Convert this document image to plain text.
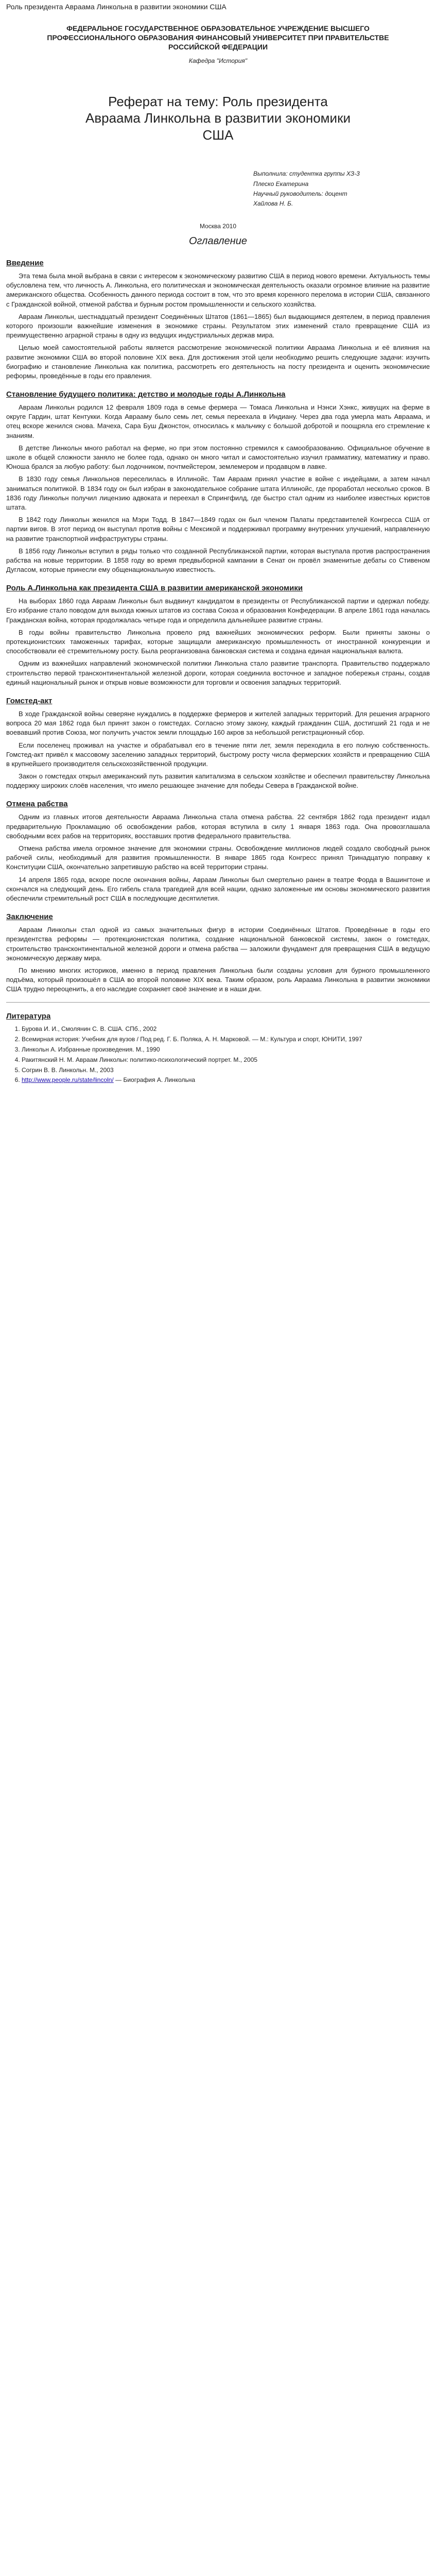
Роль президента Авраама Линкольна в развитии экономики США
ФЕДЕРАЛЬНОЕ ГОСУДАРСТВЕННОЕ ОБРАЗОВАТЕЛЬНОЕ УЧРЕЖДЕНИЕ ВЫСШЕГО ПРОФЕССИОНАЛЬНОГО ОБРАЗОВАНИЯ ФИНАНСОВЫЙ УНИВЕРСИТЕТ ПРИ ПРАВИТЕЛЬСТВЕ РОССИЙСКОЙ ФЕДЕРАЦИИ
Кафедра "История"
Реферат на тему: Роль президента Авраама Линкольна в развитии экономики США
Выполнила: студентка группы ХЗ-3
Плеско Екатерина
Научный руководитель: доцент
Хайлова Н. Б.
Москва 2010
Оглавление
Введение

Эта тема была мной выбрана в связи с интересом к экономическому развитию США в период нового времени. Актуальность темы обусловлена тем, что личность А. Линкольна, его политическая и экономическая деятельность оказали огромное влияние на развитие американского общества. Особенность данного периода состоит в том, что это время коренного перелома в истории США, связанного с Гражданской войной, отменой рабства и бурным ростом промышленности и сельского хозяйства.

Авраам Линкольн, шестнадцатый президент Соединённых Штатов (1861—1865) был выдающимся деятелем, в период правления которого произошли важнейшие изменения в экономике страны. Результатом этих изменений стало превращение США из преимущественно аграрной страны в одну из ведущих индустриальных держав мира.

Целью моей самостоятельной работы является рассмотрение экономической политики Авраама Линкольна и её влияния на развитие экономики США во второй половине XIX века. Для достижения этой цели необходимо решить следующие задачи: изучить биографию и становление Линкольна как политика, рассмотреть его деятельность на посту президента и оценить экономические реформы, проведённые в годы его правления.

Становление будущего политика: детство и молодые годы А.Линкольна

Авраам Линкольн родился 12 февраля 1809 года в семье фермера — Томаса Линкольна и Нэнси Хэнкс, живущих на ферме в округе Гардин, штат Кентукки. Когда Аврааму было семь лет, семья переехала в Индиану. Через два года умерла мать Авраама, и отец вскоре женился снова. Мачеха, Сара Буш Джонстон, относилась к мальчику с большой добротой и поощряла его стремление к знаниям.

В детстве Линкольн много работал на ферме, но при этом постоянно стремился к самообразованию. Официальное обучение в школе в общей сложности заняло не более года, однако он много читал и самостоятельно изучил грамматику, математику и право. Юноша брался за любую работу: был лодочником, почтмейстером, землемером и продавцом в лавке.

В 1830 году семья Линкольнов переселилась в Иллинойс. Там Авраам принял участие в войне с индейцами, а затем начал заниматься политикой. В 1834 году он был избран в законодательное собрание штата Иллинойс, где проработал несколько сроков. В 1836 году Линкольн получил лицензию адвоката и переехал в Спрингфилд, где быстро стал одним из наиболее известных юристов штата.

В 1842 году Линкольн женился на Мэри Тодд. В 1847—1849 годах он был членом Палаты представителей Конгресса США от партии вигов. В этот период он выступал против войны с Мексикой и поддерживал программу внутренних улучшений, направленную на развитие транспортной инфраструктуры страны.

В 1856 году Линкольн вступил в ряды только что созданной Республиканской партии, которая выступала против распространения рабства на новые территории. В 1858 году во время предвыборной кампании в Сенат он провёл знаменитые дебаты со Стивеном Дугласом, которые принесли ему общенациональную известность.

Роль А.Линкольна как президента США в развитии американской экономики

На выборах 1860 года Авраам Линкольн был выдвинут кандидатом в президенты от Республиканской партии и одержал победу. Его избрание стало поводом для выхода южных штатов из состава Союза и образования Конфедерации. В апреле 1861 года началась Гражданская война, которая продолжалась четыре года и определила дальнейшее развитие страны.

В годы войны правительство Линкольна провело ряд важнейших экономических реформ. Были приняты законы о протекционистских таможенных тарифах, которые защищали американскую промышленность от иностранной конкуренции и способствовали её стремительному росту. Была реорганизована банковская система и создана единая национальная валюта.

Одним из важнейших направлений экономической политики Линкольна стало развитие транспорта. Правительство поддержало строительство первой трансконтинентальной железной дороги, которая соединила восточное и западное побережья страны, создав единый национальный рынок и открыв новые возможности для торговли и освоения западных территорий.

Гомстед-акт

В ходе Гражданской войны северяне нуждались в поддержке фермеров и жителей западных территорий. Для решения аграрного вопроса 20 мая 1862 года был принят закон о гомстедах. Согласно этому закону, каждый гражданин США, достигший 21 года и не воевавший против Союза, мог получить участок земли площадью 160 акров за небольшой регистрационный сбор.

Если поселенец проживал на участке и обрабатывал его в течение пяти лет, земля переходила в его полную собственность. Гомстед-акт привёл к массовому заселению западных территорий, быстрому росту числа фермерских хозяйств и превращению США в крупнейшего производителя сельскохозяйственной продукции.

Закон о гомстедах открыл американский путь развития капитализма в сельском хозяйстве и обеспечил правительству Линкольна поддержку широких слоёв населения, что имело решающее значение для победы Севера в Гражданской войне.

Отмена рабства

Одним из главных итогов деятельности Авраама Линкольна стала отмена рабства. 22 сентября 1862 года президент издал предварительную Прокламацию об освобождении рабов, которая вступила в силу 1 января 1863 года. Она провозглашала свободными всех рабов на территориях, восставших против федерального правительства.

Отмена рабства имела огромное значение для экономики страны. Освобождение миллионов людей создало свободный рынок рабочей силы, необходимый для развития промышленности. В январе 1865 года Конгресс принял Тринадцатую поправку к Конституции США, окончательно запретившую рабство на всей территории страны.

14 апреля 1865 года, вскоре после окончания войны, Авраам Линкольн был смертельно ранен в театре Форда в Вашингтоне и скончался на следующий день. Его гибель стала трагедией для всей нации, однако заложенные им основы экономического развития обеспечили стремительный рост США в последующие десятилетия.

Заключение

Авраам Линкольн стал одной из самых значительных фигур в истории Соединённых Штатов. Проведённые в годы его президентства реформы — протекционистская политика, создание национальной банковской системы, закон о гомстедах, строительство трансконтинентальной железной дороги и отмена рабства — заложили фундамент для превращения США в ведущую экономическую державу мира.

По мнению многих историков, именно в период правления Линкольна были созданы условия для бурного промышленного подъёма, который произошёл в США во второй половине XIX века. Таким образом, роль Авраама Линкольна в развитии экономики США трудно переоценить, а его наследие сохраняет своё значение и в наши дни.

Литература
1. Бурова И. И., Смолянин С. В. США. СПб., 2002
2. Всемирная история: Учебник для вузов / Под ред. Г. Б. Поляка, А. Н. Марковой. — М.: Культура и спорт, ЮНИТИ, 1997
3. Линкольн А. Избранные произведения. М., 1990
4. Ракитянский Н. М. Авраам Линкольн: политико-психологический портрет. М., 2005
5. Согрин В. В. Линкольн. М., 2003
6. http://www.people.ru/state/lincoln/ — Биография А. Линкольна
